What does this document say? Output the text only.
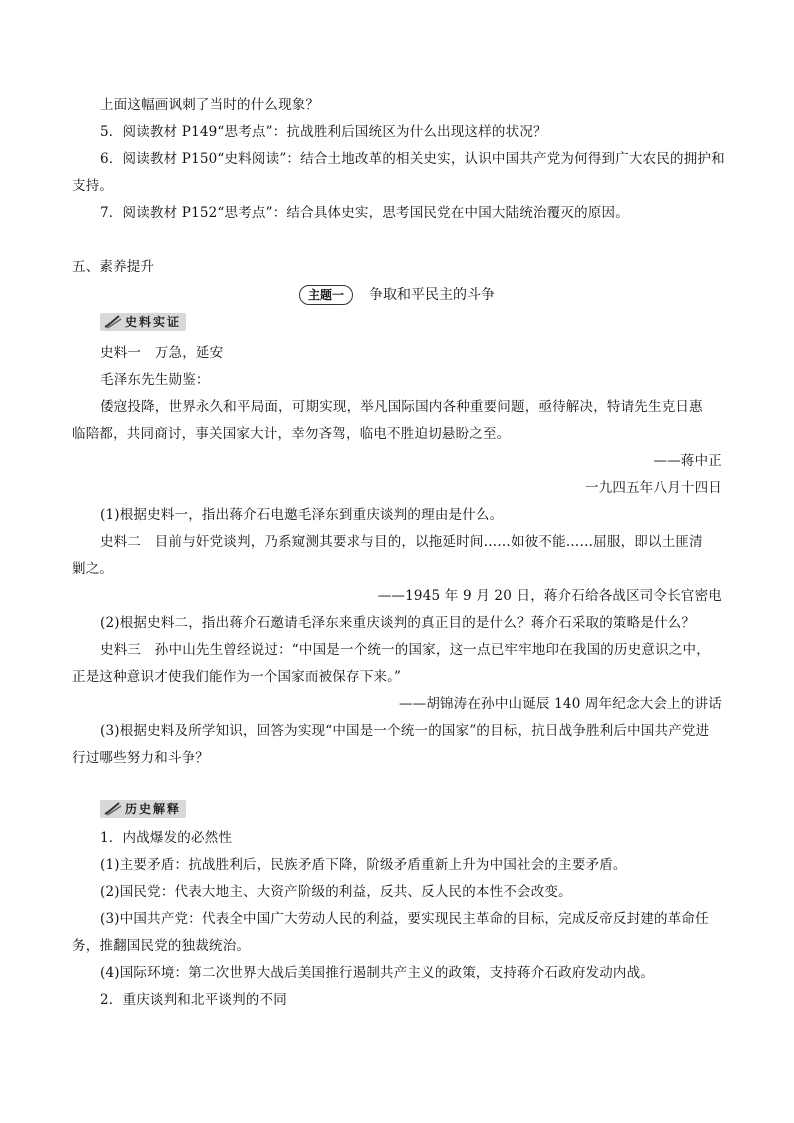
上面这幅画讽刺了当时的什么现象？
5．阅读教材 P149“思考点”：抗战胜利后国统区为什么出现这样的状况？
6．阅读教材 P150“史料阅读”：结合土地改革的相关史实，认识中国共产党为何得到广大农民的拥护和
支持。
7．阅读教材 P152“思考点”：结合具体史实，思考国民党在中国大陆统治覆灭的原因。
五、素养提升
主题一 争取和平民主的斗争
史料实证
史料一　万急，延安
毛泽东先生勋鉴：
倭寇投降，世界永久和平局面，可期实现，举凡国际国内各种重要问题，亟待解决，特请先生克日惠
临陪都，共同商讨，事关国家大计，幸勿吝驾，临电不胜迫切悬盼之至。
——蒋中正
一九四五年八月十四日
(1)根据史料一，指出蒋介石电邀毛泽东到重庆谈判的理由是什么。
史料二　目前与奸党谈判，乃系窥测其要求与目的，以拖延时间……如彼不能……屈服，即以土匪清
剿之。
——1945 年 9 月 20 日，蒋介石给各战区司令长官密电
(2)根据史料二，指出蒋介石邀请毛泽东来重庆谈判的真正目的是什么？蒋介石采取的策略是什么？
史料三　孙中山先生曾经说过：“中国是一个统一的国家，这一点已牢牢地印在我国的历史意识之中，
正是这种意识才使我们能作为一个国家而被保存下来。”
——胡锦涛在孙中山诞辰 140 周年纪念大会上的讲话
(3)根据史料及所学知识，回答为实现“中国是一个统一的国家”的目标，抗日战争胜利后中国共产党进
行过哪些努力和斗争？
历史解释
1．内战爆发的必然性
(1)主要矛盾：抗战胜利后，民族矛盾下降，阶级矛盾重新上升为中国社会的主要矛盾。
(2)国民党：代表大地主、大资产阶级的利益，反共、反人民的本性不会改变。
(3)中国共产党：代表全中国广大劳动人民的利益，要实现民主革命的目标，完成反帝反封建的革命任
务，推翻国民党的独裁统治。
(4)国际环境：第二次世界大战后美国推行遏制共产主义的政策，支持蒋介石政府发动内战。
2．重庆谈判和北平谈判的不同
